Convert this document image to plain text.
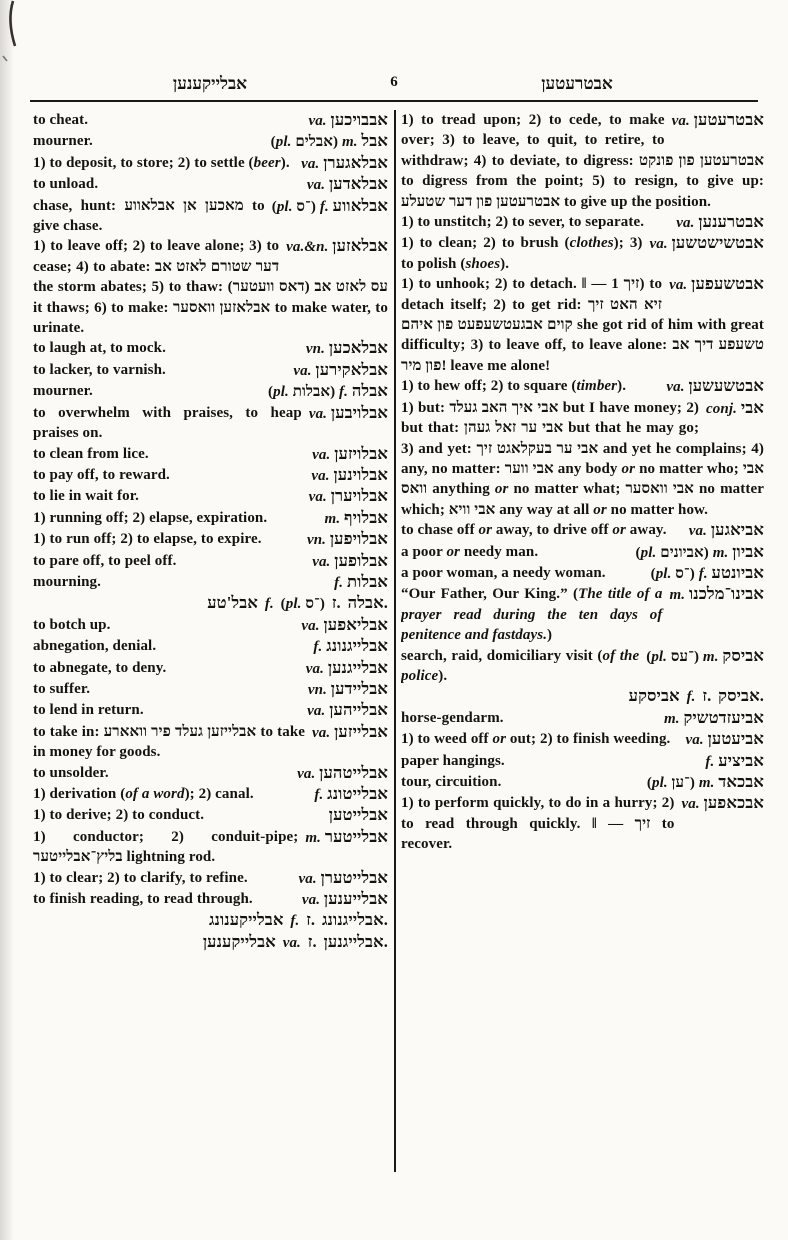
אבלייקענען	6	אבטרעטען
va. אבבויכען
to cheat.
(pl. אבלים) m. אבל
mourner.
va. אבלאגערן
1) to deposit, to store; 2) to settle (beer).
va. אבלאדען
to unload.
(pl. ־ס) f. אבלאווע
chase, hunt: מאכען אן אבלאווע to give chase.
va.&n. אבלאזען
1) to leave off; 2) to leave alone; 3) to cease; 4) to abate: דער שטורם לאזט אב the storm abates; 5) to thaw: עס לאזט אב (דאס וועטער) it thaws; 6) to make: אבלאזען וואסער to make water, to urinate.
vn. אבלאכען
to laugh at, to mock.
va. אבלאקירען
to lacker, to varnish.
(pl. אבלות) f. אבלה
mourner.
va. אבלויבען
to overwhelm with praises, to heap praises on.
va. אבלויזען
to clean from lice.
va. אבלוינען
to pay off, to reward.
va. אבלויערן
to lie in wait for.
m. אבלויף
1) running off; 2) elapse, expiration.
vn. אבלויפען
1) to run off; 2) to elapse, to expire.
va. אבלופען
to pare off, to peel off.
f. אבלות
mourning.
אבל'טע f. (pl. ־ס) ז. אבלה.
va. אבליאפען
to botch up.
f. אבלייגנונג
abnegation, denial.
va. אבלייגנען
to abnegate, to deny.
vn. אבליידען
to suffer.
va. אבלייהען
to lend in return.
va. אבלייזען
to take in: אבלייזען געלד פיר וואארע to take in money for goods.
va. אבלייטהען
to unsolder.
f. אבלייטונג
1) derivation (of a word); 2) canal.
אבלייטען
1) to derive; 2) to conduct.
m. אבלייטער
1) conductor; 2) conduit-pipe; בליץ־אבלייטער lightning rod.
va. אבלייטערן
1) to clear; 2) to clarify, to refine.
va. אבלייענען
to finish reading, to read through.
אבלייקענונג f. ז. אבלייגנונג.
אבלייקענען va. ז. אבלייגנען.
va. אבטרעטען
1) to tread upon; 2) to cede, to make over; 3) to leave, to quit, to retire, to withdraw; 4) to deviate, to digress: אבטרעטען פון פונקט to digress from the point; 5) to resign, to give up: אבטרעטען פון דער שטעלע to give up the position.
va. אבטרענען
1) to unstitch; 2) to sever, to separate.
va. אבטשישטשען
1) to clean; 2) to brush (clothes); 3) to polish (shoes).
va. אבטשעפען
1) to unhook; 2) to detach. ‖ — זיך 1) to detach itself; 2) to get rid: זיא האט זיך קוים אבגעטשעפעט פון איהם she got rid of him with great difficulty; 3) to leave off, to leave alone: טשעפע דיך אב פון מיר! leave me alone!
va. אבטשעשען
1) to hew off; 2) to square (timber).
conj. אבי
1) but: אבי איך האב געלד but I have money; 2) but that: אבי ער זאל געהן but that he may go; 3) and yet: אבי ער בעקלאגט זיך and yet he complains; 4) any, no matter: אבי ווער any body or no matter who; אבי וואס anything or no matter what; אבי וואסער no matter which; אבי וויא any way at all or no matter how.
va. אביאגען
to chase off or away, to drive off or away.
(pl. אביונים) m. אביון
a poor or needy man.
(pl. ־ס) f. אביונטע
a poor woman, a needy woman.
m. אבינו־מלכנו
“Our Father, Our King.” (The title of a prayer read during the ten days of penitence and fastdays.)
(pl. ־עס) m. אביסק
search, raid, domiciliary visit (of the police).
אביסקע f. ז. אביסק.
m. אביעזדטשיק
horse-gendarm.
va. אביעטען
1) to weed off or out; 2) to finish weeding.
f. אביציע
paper hangings.
(pl. ־ען) m. אבכאד
tour, circuition.
va. אבכאפען
1) to perform quickly, to do in a hurry; 2) to read through quickly. ‖ — זיך to recover.
